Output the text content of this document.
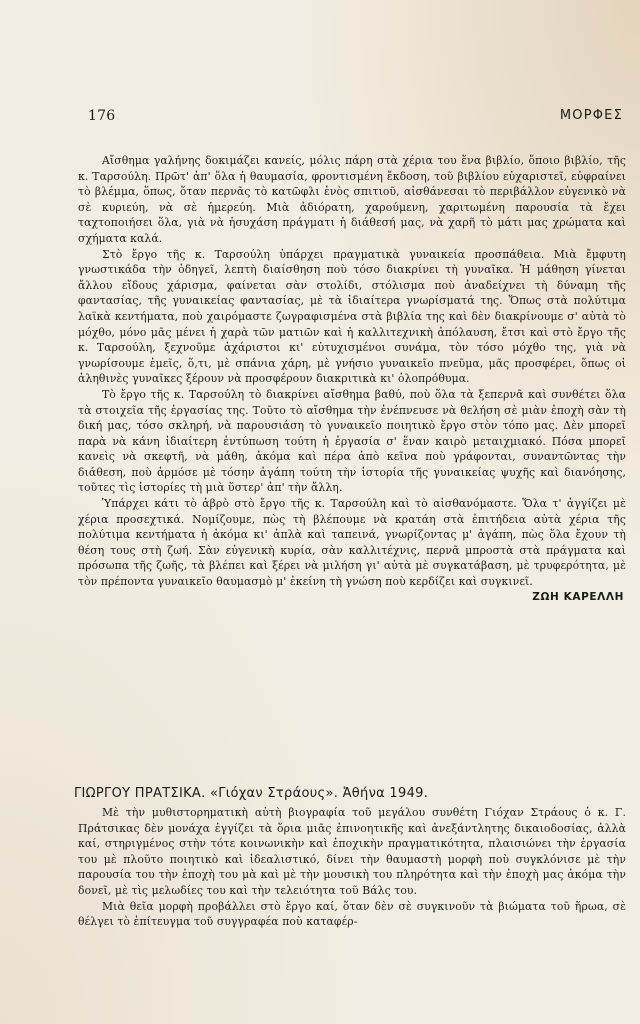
176	ΜΟΡΦΕΣ

Αἴσθημα γαλήνης δοκιμάζει κανείς, μόλις πάρη στὰ χέρια του ἕνα βιβλίο, ὅποιο βιβλίο, τῆς κ. Ταρσούλη. Πρῶτ' ἀπ' ὅλα ἡ θαυμασία, φροντισμένη ἔκδοση, τοῦ βιβλίου εὐχαριστεῖ, εὐφραίνει τὸ βλέμμα, ὅπως, ὅταν περνᾶς τὸ κατῶφλι ἑνὸς σπιτιοῦ, αἰσθάνεσαι τὸ περιβάλλον εὐγενικὸ νὰ σὲ κυριεύη, νὰ σὲ ἡμερεύη. Μιὰ ἀδιόρατη, χαρούμενη, χαριτωμένη παρουσία τὰ ἔχει ταχτοποιήσει ὅλα, γιὰ νὰ ἡσυχάση πράγματι ἡ διάθεσή μας, νὰ χαρῆ τὸ μάτι μας χρώματα καὶ σχήματα καλά.

Στὸ ἔργο τῆς κ. Ταρσούλη ὑπάρχει πραγματικὰ γυναικεία προσπάθεια. Μιὰ ἔμφυτη γνωστικάδα τὴν ὁδηγεῖ, λεπτὴ διαίσθηση ποὺ τόσο διακρίνει τὴ γυναῖκα. Ἡ μάθηση γίνεται ἄλλου εἴδους χάρισμα, φαίνεται σὰν στολίδι, στόλισμα ποὺ ἀναδείχνει τὴ δύναμη τῆς φαντασίας, τῆς γυναικείας φαντασίας, μὲ τὰ ἰδιαίτερα γνωρίσματά της. Ὅπως στὰ πολύτιμα λαϊκὰ κεντήματα, ποὺ χαιρόμαστε ζωγραφισμένα στὰ βιβλία της καὶ δὲν διακρίνουμε σ' αὐτὰ τὸ μόχθο, μόνο μᾶς μένει ἡ χαρὰ τῶν ματιῶν καὶ ἡ καλλιτεχνικὴ ἀπόλαυση, ἔτσι καὶ στὸ ἔργο τῆς κ. Ταρσούλη, ξεχνοῦμε ἀχάριστοι κι' εὐτυχισμένοι συνάμα, τὸν τόσο μόχθο της, γιὰ νὰ γνωρίσουμε ἐμεῖς, ὅ,τι, μὲ σπάνια χάρη, μὲ γνήσιο γυναικεῖο πνεῦμα, μᾶς προσφέρει, ὅπως οἱ ἀληθινὲς γυναῖκες ξέρουν νὰ προσφέρουν διακριτικὰ κι' ὁλοπρόθυμα.

Τὸ ἔργο τῆς κ. Ταρσούλη τὸ διακρίνει αἴσθημα βαθύ, ποὺ ὅλα τὰ ξεπερνᾶ καὶ συνθέτει ὅλα τὰ στοιχεῖα τῆς ἐργασίας της. Τοῦτο τὸ αἴσθημα τὴν ἐνέπνευσε νὰ θελήση σὲ μιὰν ἐποχὴ σὰν τὴ δική μας, τόσο σκληρή, νὰ παρουσιάση τὸ γυναικεῖο ποιητικὸ ἔργο στὸν τόπο μας. Δὲν μπορεῖ παρὰ νὰ κάνη ἰδιαίτερη ἐντύπωση τούτη ἡ ἐργασία σ' ἕναν καιρὸ μεταιχμιακό. Πόσα μπορεῖ κανεὶς νὰ σκεφτῆ, νὰ μάθη, ἀκόμα καὶ πέρα ἀπὸ κεῖνα ποὺ γράφονται, συναντῶντας τὴν διάθεση, ποὺ ἁρμόσε μὲ τόσην ἀγάπη τούτη τὴν ἱστορία τῆς γυναικείας ψυχῆς καὶ διανόησης, τοῦτες τὶς ἱστορίες τὴ μιὰ ὕστερ' ἀπ' τὴν ἄλλη.

Ὑπάρχει κάτι τὸ ἁβρὸ στὸ ἔργο τῆς κ. Ταρσούλη καὶ τὸ αἰσθανόμαστε. Ὅλα τ' ἀγγίζει μὲ χέρια προσεχτικά. Νομίζουμε, πὼς τὴ βλέπουμε νὰ κρατάη στὰ ἐπιτήδεια αὐτὰ χέρια τῆς πολύτιμα κεντήματα ἡ ἀκόμα κι' ἁπλὰ καὶ ταπεινά, γνωρίζοντας μ' ἀγάπη, πὼς ὅλα ἔχουν τὴ θέση τους στὴ ζωή. Σὰν εὐγενικὴ κυρία, σὰν καλλιτέχνις, περνᾶ μπροστὰ στὰ πράγματα καὶ πρόσωπα τῆς ζωῆς, τὰ βλέπει καὶ ξέρει νὰ μιλήση γι' αὐτὰ μὲ συγκατάβαση, μὲ τρυφερότητα, μὲ τὸν πρέποντα γυναικεῖο θαυμασμὸ μ' ἐκείνη τὴ γνώση ποὺ κερδίζει καὶ συγκινεῖ.

ΖΩΗ ΚΑΡΕΛΛΗ
ΓΙΩΡΓΟΥ ΠΡΑΤΣΙΚΑ. «Γιόχαν Στράους». Ἀθήνα 1949.

Μὲ τὴν μυθιστορηματικὴ αὐτὴ βιογραφία τοῦ μεγάλου συνθέτη Γιόχαν Στράους ὁ κ. Γ. Πράτσικας δὲν μονάχα ἐγγίζει τὰ ὅρια μιᾶς ἐπινοητικῆς καὶ ἀνεξάντλητης δικαιοδοσίας, ἀλλὰ καί, στηριγμένος στὴν τότε κοινωνικὴν καὶ ἐποχικὴν πραγματικότητα, πλαισιώνει τὴν ἐργασία του μὲ πλοῦτο ποιητικὸ καὶ ἰδεαλιστικό, δίνει τὴν θαυμαστὴ μορφὴ ποὺ συγκλόνισε μὲ τὴν παρουσία του τὴν ἐποχὴ του μὰ καὶ μὲ τὴν μουσικὴ του πληρότητα καὶ τὴν ἐποχὴ μας ἀκόμα τὴν δονεῖ, μὲ τὶς μελωδίες του καὶ τὴν τελειότητα τοῦ Βάλς του.

Μιὰ θεῖα μορφὴ προβάλλει στὸ ἔργο καί, ὅταν δὲν σὲ συγκινοῦν τὰ βιώματα τοῦ ἥρωα, σὲ θέλγει τὸ ἐπίτευγμα τοῦ συγγραφέα ποὺ καταφέρ-
